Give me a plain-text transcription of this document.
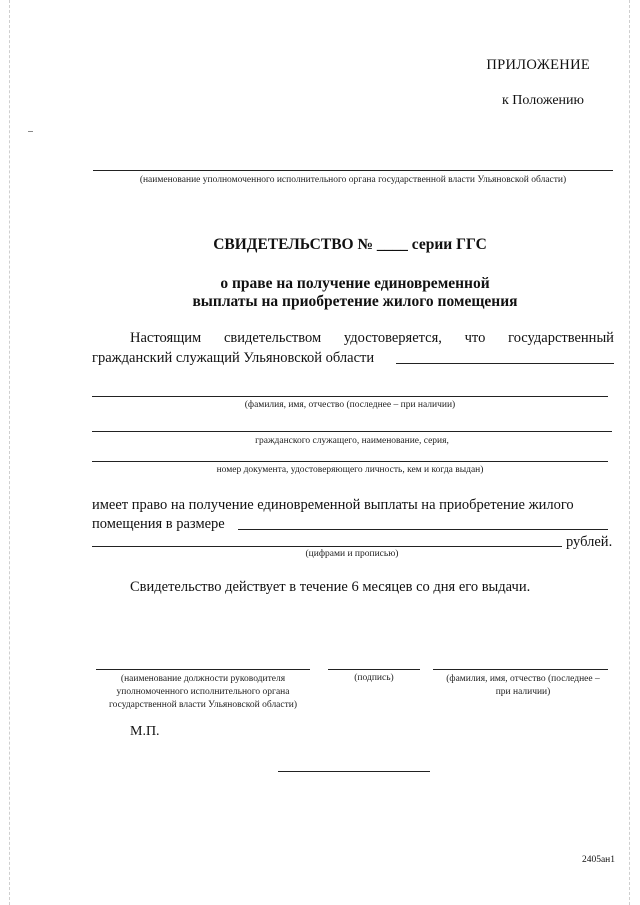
ПРИЛОЖЕНИЕ
к Положению
(наименование уполномоченного исполнительного органа государственной власти Ульяновской области)
СВИДЕТЕЛЬСТВО № ____ серии ГГС
о праве на получение единовременной
выплаты на приобретение жилого помещения
Настоящим свидетельством удостоверяется, что государственный
гражданский служащий Ульяновской области
(фамилия, имя, отчество (последнее – при наличии)
гражданского служащего, наименование, серия,
номер документа, удостоверяющего личность, кем и когда выдан)
имеет право на получение единовременной выплаты на приобретение жилого
помещения в размере
рублей.
(цифрами и прописью)
Свидетельство действует в течение 6 месяцев со дня его выдачи.
(наименование должности руководителя
уполномоченного исполнительного органа
государственной власти Ульяновской области)
(подпись)	(фамилия, имя, отчество (последнее –
при наличии)
М.П.
2405ан1
